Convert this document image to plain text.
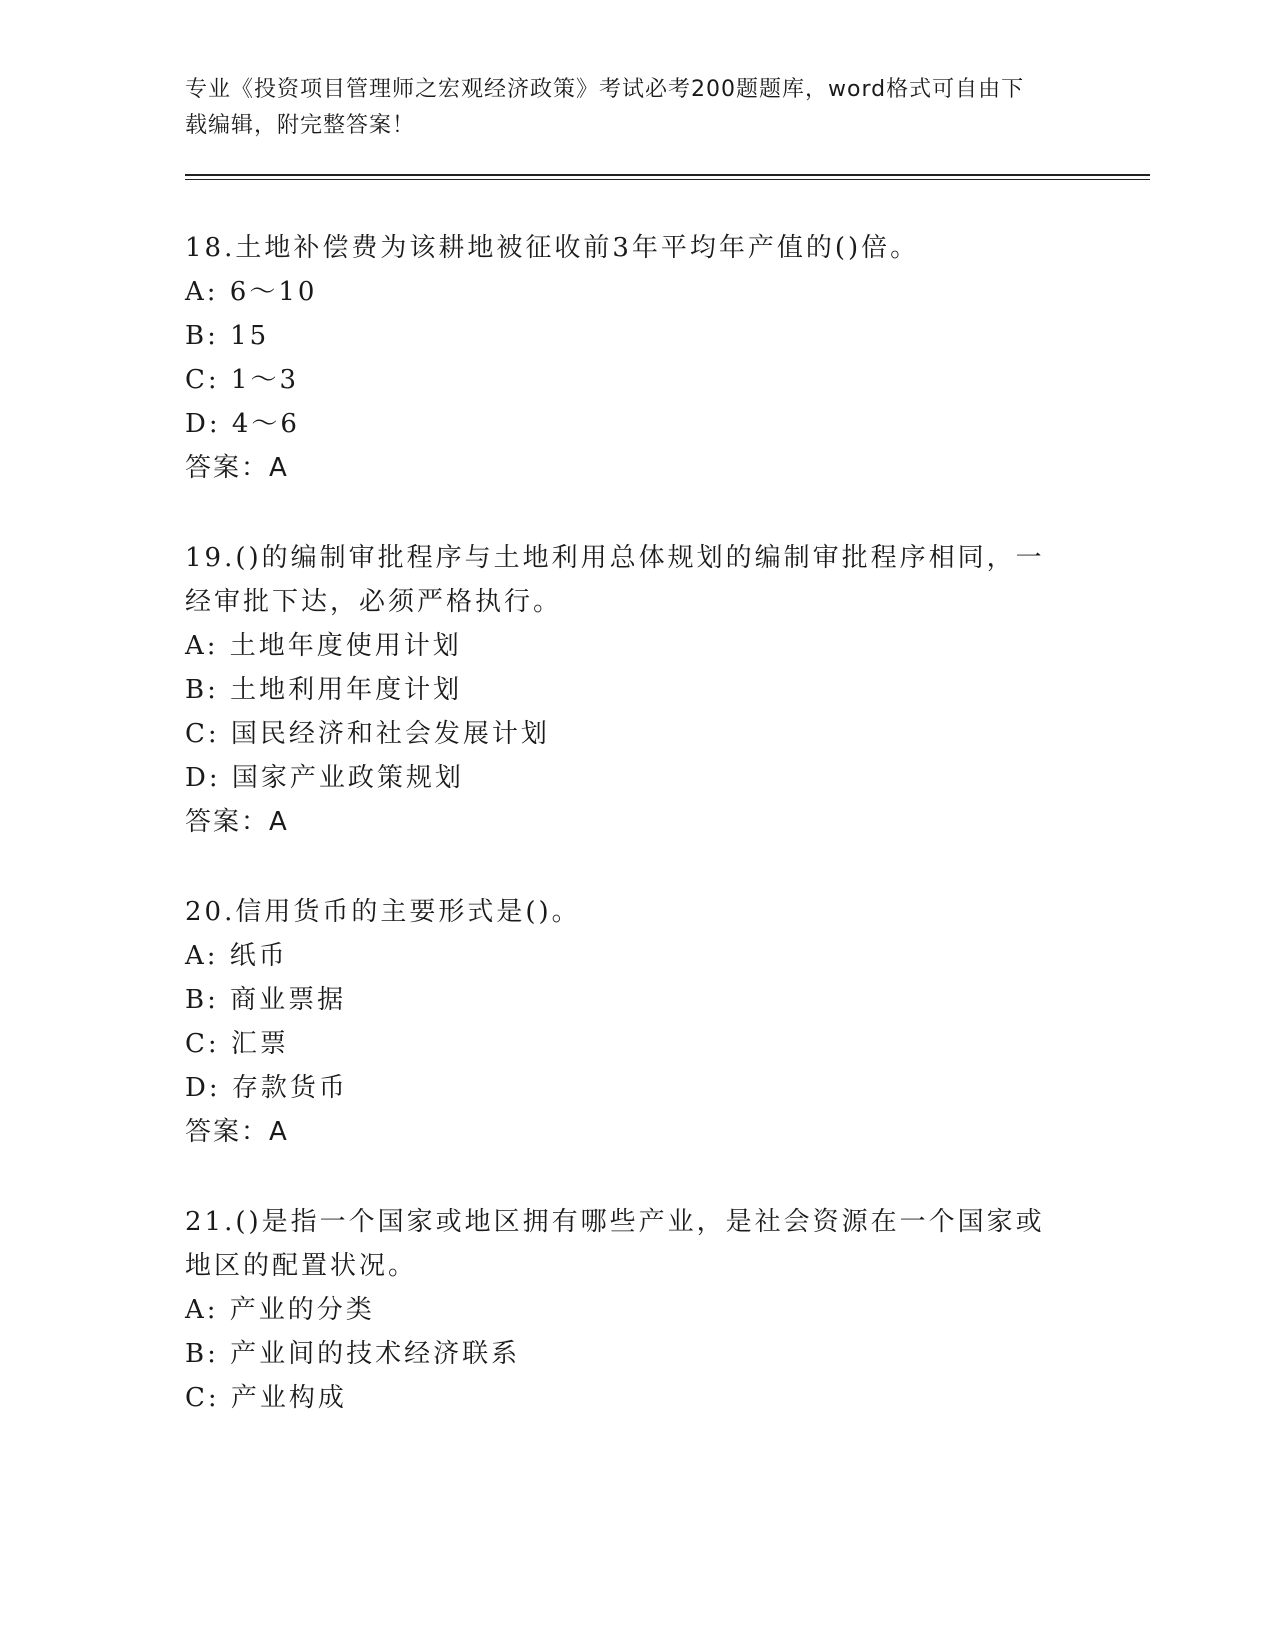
专业《投资项目管理师之宏观经济政策》考试必考200题题库，word格式可自由下载编辑，附完整答案！
18.土地补偿费为该耕地被征收前3年平均年产值的()倍。
A: 6～10
B: 15
C: 1～3
D: 4～6
答案：A
19.()的编制审批程序与土地利用总体规划的编制审批程序相同，一经审批下达，必须严格执行。
A: 土地年度使用计划
B: 土地利用年度计划
C: 国民经济和社会发展计划
D: 国家产业政策规划
答案：A
20.信用货币的主要形式是()。
A: 纸币
B: 商业票据
C: 汇票
D: 存款货币
答案：A
21.()是指一个国家或地区拥有哪些产业，是社会资源在一个国家或地区的配置状况。
A: 产业的分类
B: 产业间的技术经济联系
C: 产业构成
